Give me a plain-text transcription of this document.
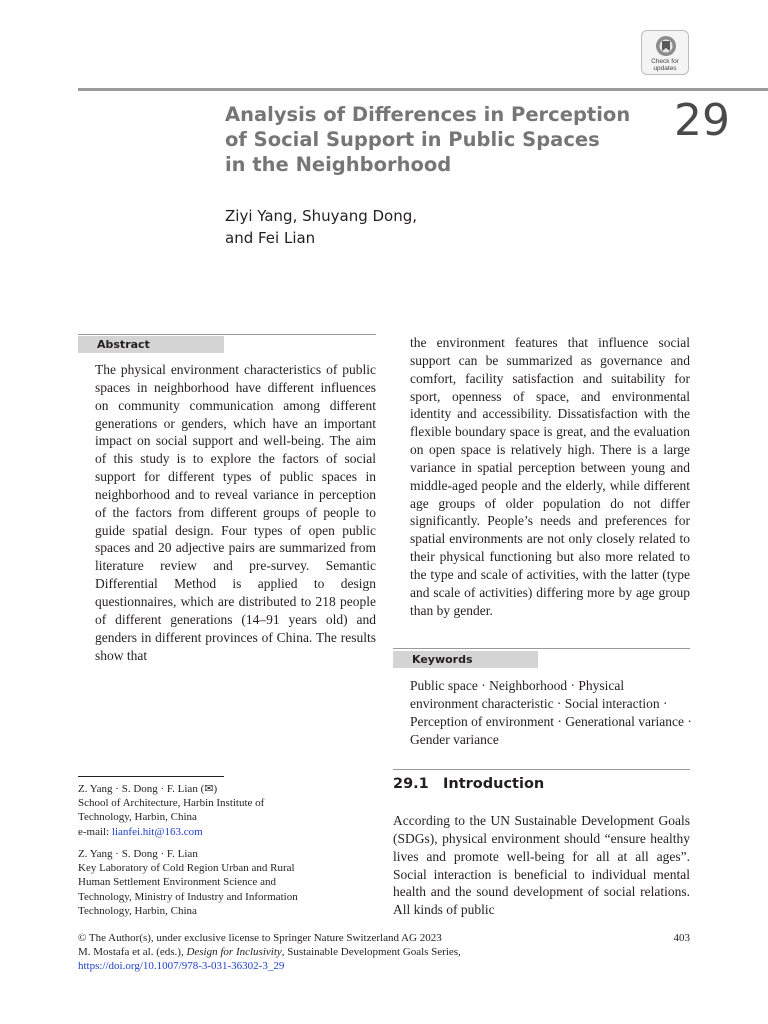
Check for
updates
Analysis of Differences in Perception
of Social Support in Public Spaces
in the Neighborhood
29
Ziyi Yang, Shuyang Dong,
and Fei Lian
Abstract

The physical environment characteristics of public spaces in neighborhood have different influences on community communication among different generations or genders, which have an important impact on social support and well-being. The aim of this study is to explore the factors of social support for different types of public spaces in neighborhood and to reveal variance in perception of the factors from different groups of people to guide spatial design. Four types of open public spaces and 20 adjective pairs are summarized from literature review and pre-survey. Semantic Differential Method is applied to design questionnaires, which are distributed to 218 people of different generations (14–91 years old) and genders in different provinces of China. The results show that

the environment features that influence social support can be summarized as governance and comfort, facility satisfaction and suitability for sport, openness of space, and environmental identity and accessibility. Dissatisfaction with the flexible boundary space is great, and the evaluation on open space is relatively high. There is a large variance in spatial perception between young and middle-aged people and the elderly, while different age groups of older population do not differ significantly. People’s needs and preferences for spatial environments are not only closely related to their physical functioning but also more related to the type and scale of activities, with the latter (type and scale of activities) differing more by age group than by gender.

Keywords

Public space · Neighborhood · Physical environment characteristic · Social interaction · Perception of environment · Generational variance · Gender variance

29.1 Introduction

According to the UN Sustainable Development Goals (SDGs), physical environment should “ensure healthy lives and promote well-being for all at all ages”. Social interaction is beneficial to individual mental health and the sound development of social relations. All kinds of public

Z. Yang · S. Dong · F. Lian (✉)
School of Architecture, Harbin Institute of
Technology, Harbin, China
e-mail: lianfei.hit@163.com
Z. Yang · S. Dong · F. Lian
Key Laboratory of Cold Region Urban and Rural
Human Settlement Environment Science and
Technology, Ministry of Industry and Information
Technology, Harbin, China
© The Author(s), under exclusive license to Springer Nature Switzerland AG 2023
M. Mostafa et al. (eds.), Design for Inclusivity, Sustainable Development Goals Series,
https://doi.org/10.1007/978-3-031-36302-3_29
403
